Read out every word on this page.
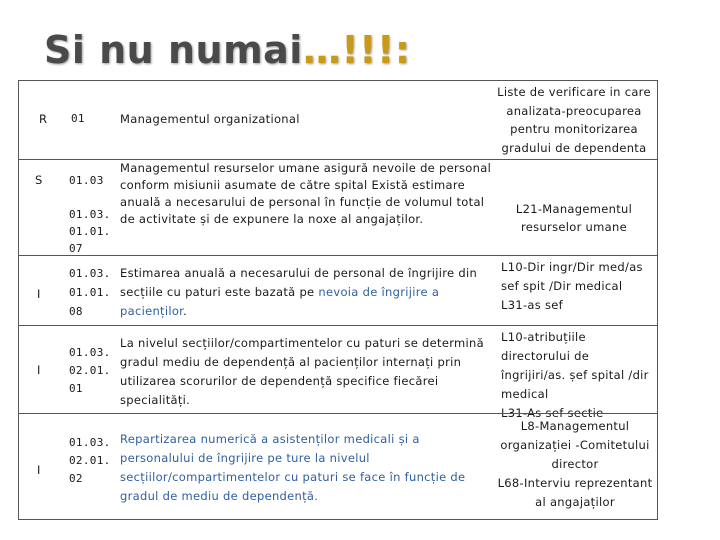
Si nu numai…!!!:
R 01	Managementul organizational
Liste de verificare in care analizata-preocuparea pentru monitorizarea gradului de dependenta
S 01.03

01.03.
01.01.
07
Managementul resurselor umane asigură nevoile de personal conform misiunii asumate de către spital Există estimare anuală a necesarului de personal în funcție de volumul total de activitate și de expunere la noxe al angajaților.
L21-Managementul resurselor umane
I
01.03.
01.01.
08
Estimarea anuală a necesarului de personal de îngrijire din secțiile cu paturi este bazată pe nevoia de îngrijire a pacienților.
L10-Dir ingr/Dir med/as sef spit /Dir medical
L31-as sef
I
01.03.
02.01.
01
La nivelul secțiilor/compartimentelor cu paturi se determină gradul mediu de dependență al pacienților internați prin utilizarea scorurilor de dependență specifice fiecărei specialități.
L10-atribuțiile directorului de îngrijiri/as. șef spital /dir medical
L31-As sef sectie
I
01.03.
02.01.
02
Repartizarea numerică a asistenților medicali și a personalului de îngrijire pe ture la nivelul secțiilor/compartimentelor cu paturi se face în funcție de gradul de mediu de dependență.
L8-Managementul organizației -Comitetului director
L68-Interviu reprezentant al angajaților
